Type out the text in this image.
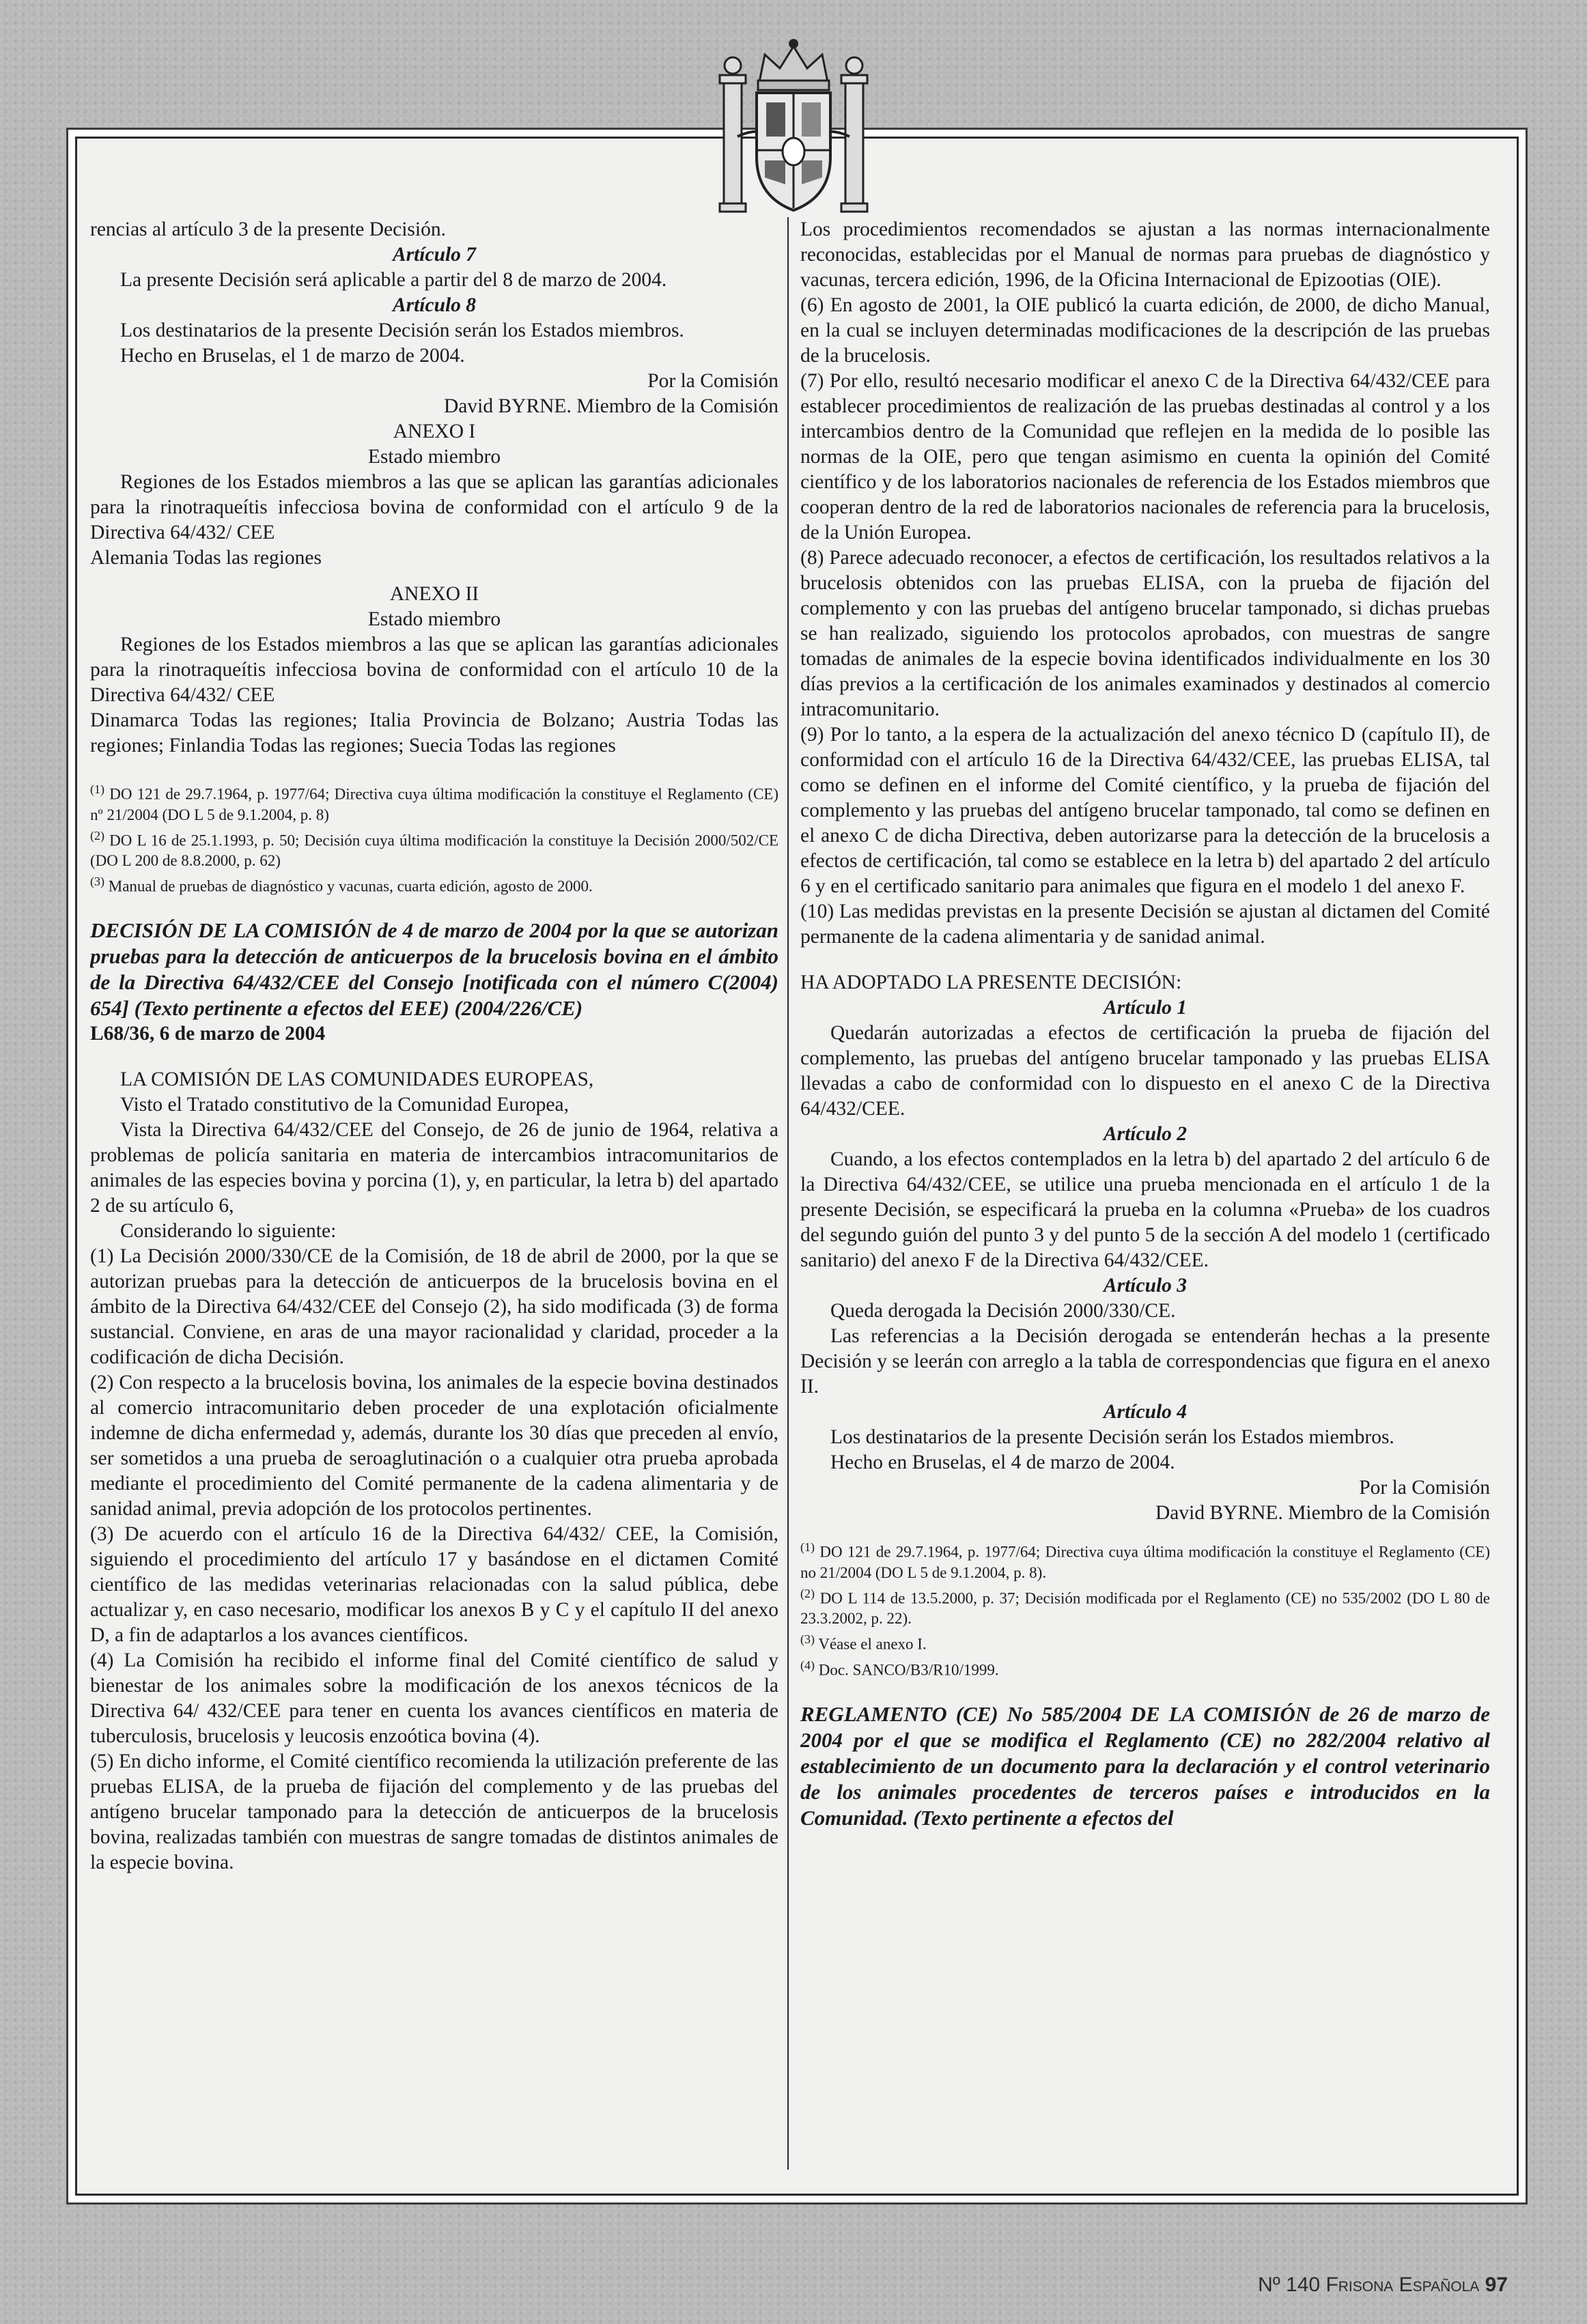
rencias al artículo 3 de la presente Decisión.

Artículo 7

La presente Decisión será aplicable a partir del 8 de marzo de 2004.

Artículo 8

Los destinatarios de la presente Decisión serán los Estados miembros.

Hecho en Bruselas, el 1 de marzo de 2004.

Por la Comisión

David BYRNE. Miembro de la Comisión

ANEXO I

Estado miembro

Regiones de los Estados miembros a las que se aplican las garantías adicionales para la rinotraqueítis infecciosa bovina de conformidad con el artículo 9 de la Directiva 64/432/ CEE

Alemania Todas las regiones

ANEXO II

Estado miembro

Regiones de los Estados miembros a las que se aplican las garantías adicionales para la rinotraqueítis infecciosa bovina de conformidad con el artículo 10 de la Directiva 64/432/ CEE

Dinamarca Todas las regiones; Italia Provincia de Bolzano; Austria Todas las regiones; Finlandia Todas las regiones; Suecia Todas las regiones

$^{(1)}$ DO 121 de 29.7.1964, p. 1977/64; Directiva cuya última modificación la constituye el Reglamento (CE) nº 21/2004 (DO L 5 de 9.1.2004, p. 8)

$^{(2)}$ DO L 16 de 25.1.1993, p. 50; Decisión cuya última modificación la constituye la Decisión 2000/502/CE (DO L 200 de 8.8.2000, p. 62)

$^{(3)}$ Manual de pruebas de diagnóstico y vacunas, cuarta edición, agosto de 2000.

DECISIÓN DE LA COMISIÓN de 4 de marzo de 2004 por la que se autorizan pruebas para la detección de anticuerpos de la brucelosis bovina en el ámbito de la Directiva 64/432/CEE del Consejo [notificada con el número C(2004) 654] (Texto pertinente a efectos del EEE) (2004/226/CE)

L68/36, 6 de marzo de 2004

LA COMISIÓN DE LAS COMUNIDADES EUROPEAS,

Visto el Tratado constitutivo de la Comunidad Europea,

Vista la Directiva 64/432/CEE del Consejo, de 26 de junio de 1964, relativa a problemas de policía sanitaria en materia de intercambios intracomunitarios de animales de las especies bovina y porcina (1), y, en particular, la letra b) del apartado 2 de su artículo 6,

Considerando lo siguiente:

(1) La Decisión 2000/330/CE de la Comisión, de 18 de abril de 2000, por la que se autorizan pruebas para la detección de anticuerpos de la brucelosis bovina en el ámbito de la Directiva 64/432/CEE del Consejo (2), ha sido modificada (3) de forma sustancial. Conviene, en aras de una mayor racionalidad y claridad, proceder a la codificación de dicha Decisión.

(2) Con respecto a la brucelosis bovina, los animales de la especie bovina destinados al comercio intracomunitario deben proceder de una explotación oficialmente indemne de dicha enfermedad y, además, durante los 30 días que preceden al envío, ser sometidos a una prueba de seroaglutinación o a cualquier otra prueba aprobada mediante el procedimiento del Comité permanente de la cadena alimentaria y de sanidad animal, previa adopción de los protocolos pertinentes.

(3) De acuerdo con el artículo 16 de la Directiva 64/432/ CEE, la Comisión, siguiendo el procedimiento del artículo 17 y basándose en el dictamen Comité científico de las medidas veterinarias relacionadas con la salud pública, debe actualizar y, en caso necesario, modificar los anexos B y C y el capítulo II del anexo D, a fin de adaptarlos a los avances científicos.

(4) La Comisión ha recibido el informe final del Comité científico de salud y bienestar de los animales sobre la modificación de los anexos técnicos de la Directiva 64/ 432/CEE para tener en cuenta los avances científicos en materia de tuberculosis, brucelosis y leucosis enzoótica bovina (4).

(5) En dicho informe, el Comité científico recomienda la utilización preferente de las pruebas ELISA, de la prueba de fijación del complemento y de las pruebas del antígeno brucelar tamponado para la detección de anticuerpos de la brucelosis bovina, realizadas también con muestras de sangre tomadas de distintos animales de la especie bovina.

Los procedimientos recomendados se ajustan a las normas internacionalmente reconocidas, establecidas por el Manual de normas para pruebas de diagnóstico y vacunas, tercera edición, 1996, de la Oficina Internacional de Epizootias (OIE).

(6) En agosto de 2001, la OIE publicó la cuarta edición, de 2000, de dicho Manual, en la cual se incluyen determinadas modificaciones de la descripción de las pruebas de la brucelosis.

(7) Por ello, resultó necesario modificar el anexo C de la Directiva 64/432/CEE para establecer procedimientos de realización de las pruebas destinadas al control y a los intercambios dentro de la Comunidad que reflejen en la medida de lo posible las normas de la OIE, pero que tengan asimismo en cuenta la opinión del Comité científico y de los laboratorios nacionales de referencia de los Estados miembros que cooperan dentro de la red de laboratorios nacionales de referencia para la brucelosis, de la Unión Europea.

(8) Parece adecuado reconocer, a efectos de certificación, los resultados relativos a la brucelosis obtenidos con las pruebas ELISA, con la prueba de fijación del complemento y con las pruebas del antígeno brucelar tamponado, si dichas pruebas se han realizado, siguiendo los protocolos aprobados, con muestras de sangre tomadas de animales de la especie bovina identificados individualmente en los 30 días previos a la certificación de los animales examinados y destinados al comercio intracomunitario.

(9) Por lo tanto, a la espera de la actualización del anexo técnico D (capítulo II), de conformidad con el artículo 16 de la Directiva 64/432/CEE, las pruebas ELISA, tal como se definen en el informe del Comité científico, y la prueba de fijación del complemento y las pruebas del antígeno brucelar tamponado, tal como se definen en el anexo C de dicha Directiva, deben autorizarse para la detección de la brucelosis a efectos de certificación, tal como se establece en la letra b) del apartado 2 del artículo 6 y en el certificado sanitario para animales que figura en el modelo 1 del anexo F.

(10) Las medidas previstas en la presente Decisión se ajustan al dictamen del Comité permanente de la cadena alimentaria y de sanidad animal.

HA ADOPTADO LA PRESENTE DECISIÓN:

Artículo 1

Quedarán autorizadas a efectos de certificación la prueba de fijación del complemento, las pruebas del antígeno brucelar tamponado y las pruebas ELISA llevadas a cabo de conformidad con lo dispuesto en el anexo C de la Directiva 64/432/CEE.

Artículo 2

Cuando, a los efectos contemplados en la letra b) del apartado 2 del artículo 6 de la Directiva 64/432/CEE, se utilice una prueba mencionada en el artículo 1 de la presente Decisión, se especificará la prueba en la columna «Prueba» de los cuadros del segundo guión del punto 3 y del punto 5 de la sección A del modelo 1 (certificado sanitario) del anexo F de la Directiva 64/432/CEE.

Artículo 3

Queda derogada la Decisión 2000/330/CE.

Las referencias a la Decisión derogada se entenderán hechas a la presente Decisión y se leerán con arreglo a la tabla de correspondencias que figura en el anexo II.

Artículo 4

Los destinatarios de la presente Decisión serán los Estados miembros.

Hecho en Bruselas, el 4 de marzo de 2004.

Por la Comisión

David BYRNE. Miembro de la Comisión

$^{(1)}$ DO 121 de 29.7.1964, p. 1977/64; Directiva cuya última modificación la constituye el Reglamento (CE) no 21/2004 (DO L 5 de 9.1.2004, p. 8).

$^{(2)}$ DO L 114 de 13.5.2000, p. 37; Decisión modificada por el Reglamento (CE) no 535/2002 (DO L 80 de 23.3.2002, p. 22).

$^{(3)}$ Véase el anexo I.

$^{(4)}$ Doc. SANCO/B3/R10/1999.

REGLAMENTO (CE) No 585/2004 DE LA COMISIÓN de 26 de marzo de 2004 por el que se modifica el Reglamento (CE) no 282/2004 relativo al establecimiento de un documento para la declaración y el control veterinario de los animales procedentes de terceros países e introducidos en la Comunidad. (Texto pertinente a efectos del

Nº 140 Frisona Española 97
